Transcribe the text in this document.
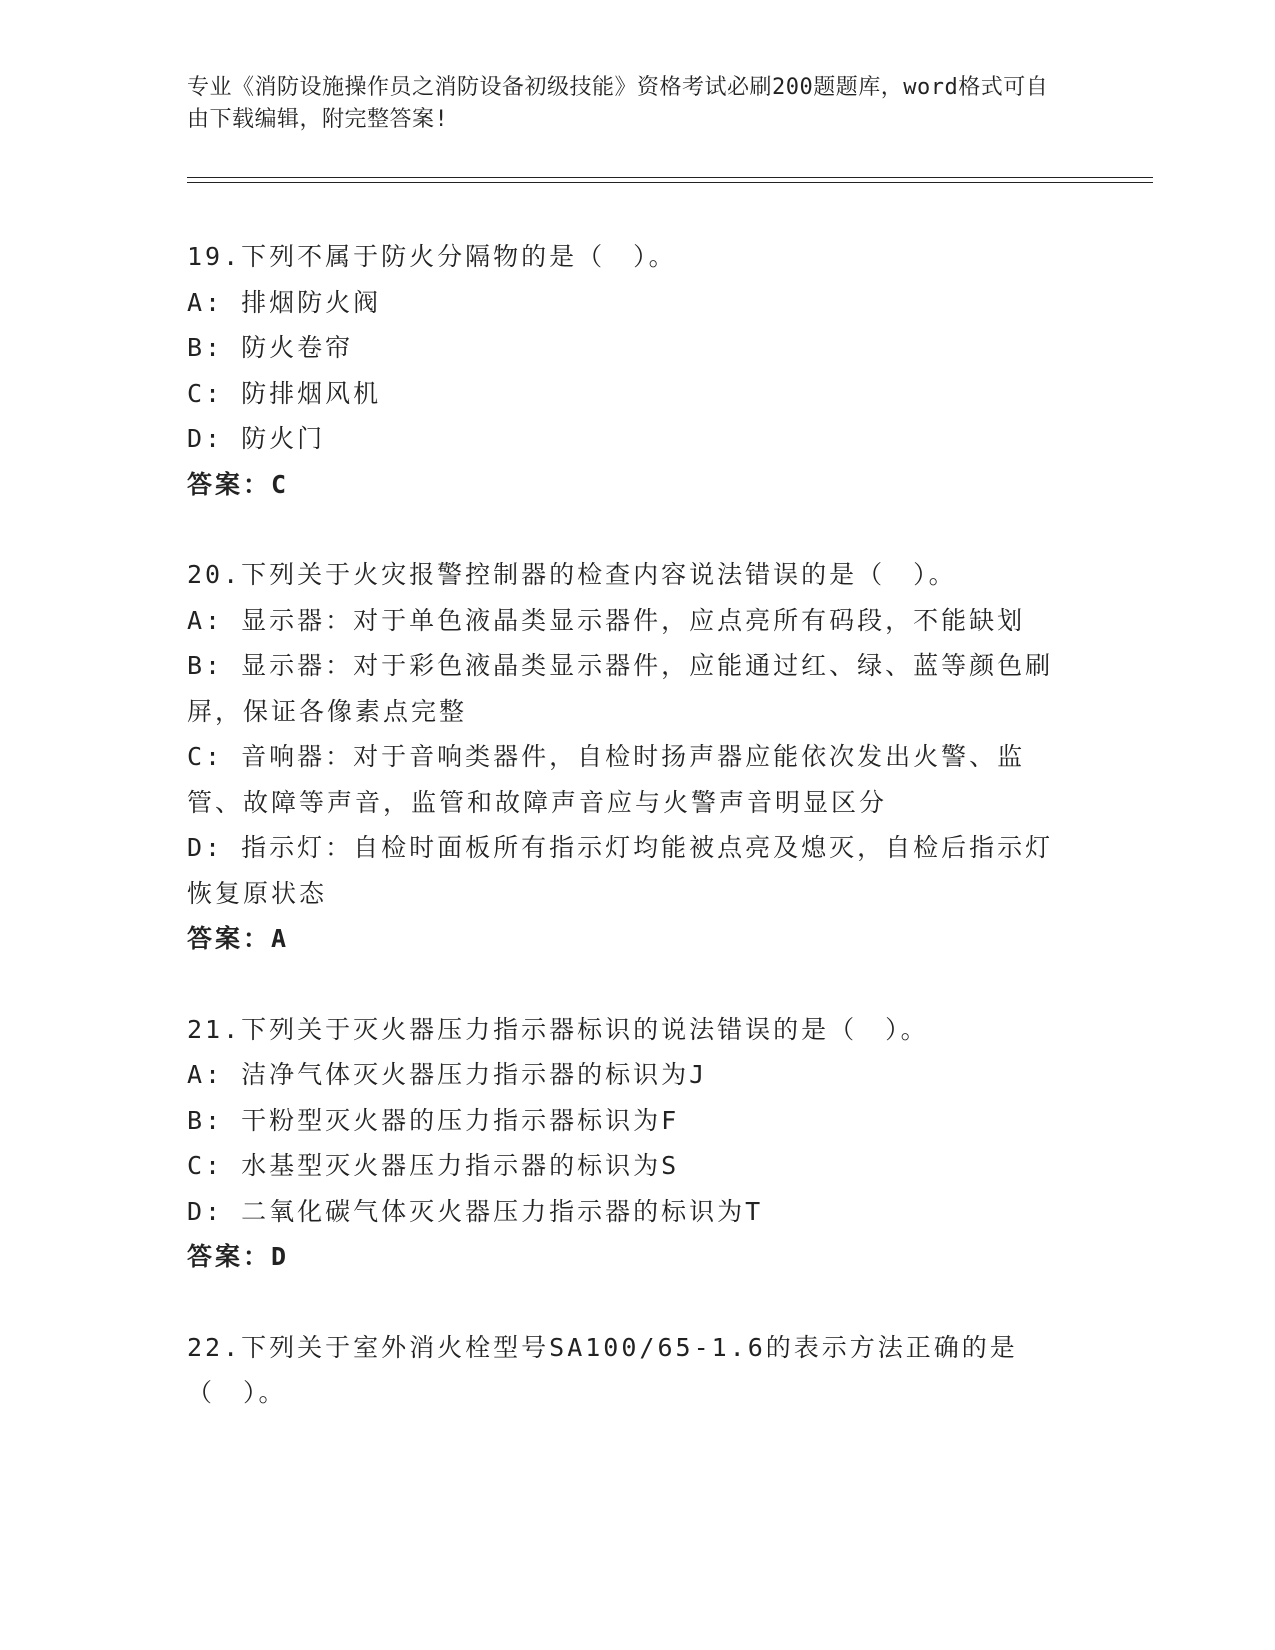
专业《消防设施操作员之消防设备初级技能》资格考试必刷200题题库，word格式可自由下载编辑，附完整答案!

19.下列不属于防火分隔物的是（　）。

A: 排烟防火阀

B: 防火卷帘

C: 防排烟风机

D: 防火门

答案：C

20.下列关于火灾报警控制器的检查内容说法错误的是（　）。

A: 显示器：对于单色液晶类显示器件，应点亮所有码段，不能缺划

B: 显示器：对于彩色液晶类显示器件，应能通过红、绿、蓝等颜色刷屏，保证各像素点完整

C: 音响器：对于音响类器件，自检时扬声器应能依次发出火警、监管、故障等声音，监管和故障声音应与火警声音明显区分

D: 指示灯：自检时面板所有指示灯均能被点亮及熄灭，自检后指示灯恢复原状态

答案：A

21.下列关于灭火器压力指示器标识的说法错误的是（　）。

A: 洁净气体灭火器压力指示器的标识为J

B: 干粉型灭火器的压力指示器标识为F

C: 水基型灭火器压力指示器的标识为S

D: 二氧化碳气体灭火器压力指示器的标识为T

答案：D

22.下列关于室外消火栓型号SA100/65-1.6的表示方法正确的是（　）。
